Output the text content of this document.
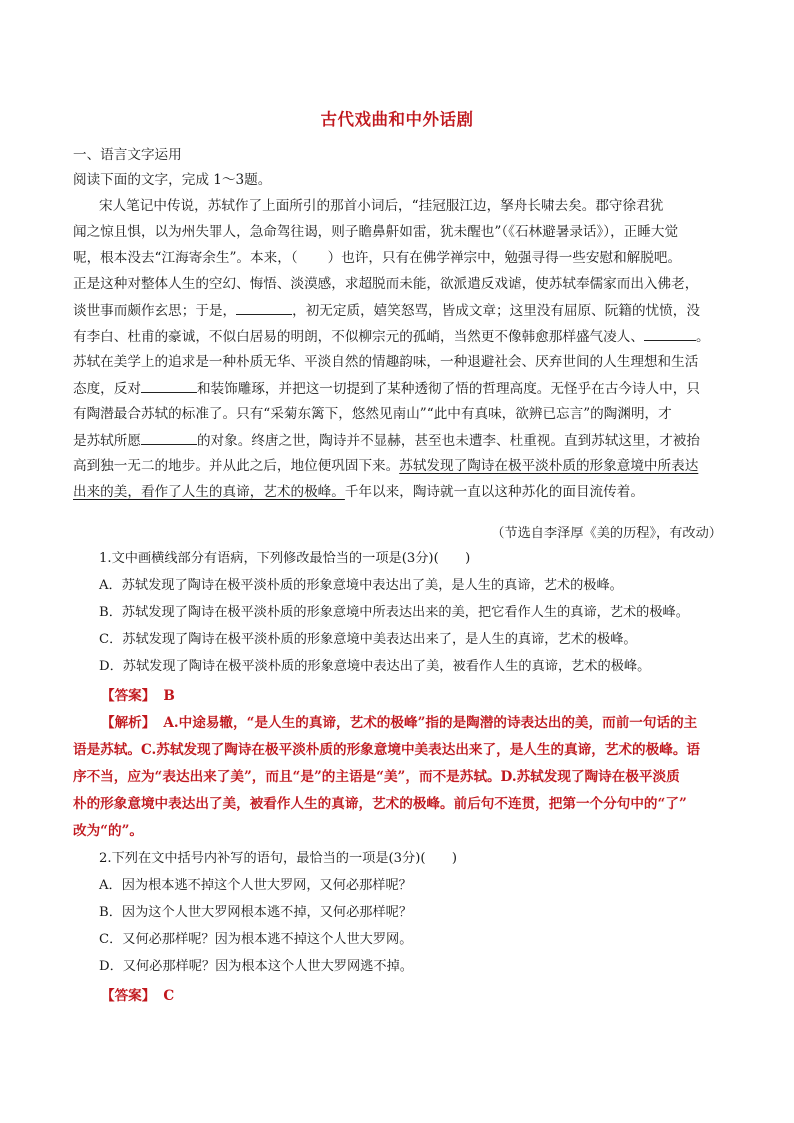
古代戏曲和中外话剧
一、语言文字运用
阅读下面的文字，完成 1～3题。
宋人笔记中传说，苏轼作了上面所引的那首小词后，“挂冠服江边，拏舟长啸去矣。郡守徐君犹
闻之惊且惧，以为州失罪人，急命驾往谒，则子瞻鼻鼾如雷，犹未醒也”（《石林避暑录话》），正睡大觉
呢，根本没去“江海寄余生”。本来，（ ）也许，只有在佛学禅宗中，勉强寻得一些安慰和解脱吧。
正是这种对整体人生的空幻、悔悟、淡漠感，求超脱而未能，欲派遣反戏谑，使苏轼奉儒家而出入佛老，
谈世事而颇作玄思；于是，	，初无定质，嬉笑怒骂，皆成文章；这里没有屈原、阮籍的忧愤，没
有李白、杜甫的豪诚，不似白居易的明朗，不似柳宗元的孤峭，当然更不像韩愈那样盛气凌人、	。
苏轼在美学上的追求是一种朴质无华、平淡自然的情趣韵味，一种退避社会、厌弃世间的人生理想和生活
态度，反对	和装饰雕琢，并把这一切提到了某种透彻了悟的哲理高度。无怪乎在古今诗人中，只
有陶潜最合苏轼的标准了。只有“采菊东篱下，悠然见南山”“此中有真味，欲辨已忘言”的陶渊明，才
是苏轼所愿	的对象。终唐之世，陶诗并不显赫，甚至也未遭李、杜重视。直到苏轼这里，才被抬
高到独一无二的地步。并从此之后，地位便巩固下来。苏轼发现了陶诗在极平淡朴质的形象意境中所表达
出来的美，看作了人生的真谛，艺术的极峰。千年以来，陶诗就一直以这种苏化的面目流传着。
（节选自李泽厚《美的历程》，有改动）
1.文中画横线部分有语病，下列修改最恰当的一项是(3分)(　　)
A．苏轼发现了陶诗在极平淡朴质的形象意境中表达出了美，是人生的真谛，艺术的极峰。
B．苏轼发现了陶诗在极平淡朴质的形象意境中所表达出来的美，把它看作人生的真谛，艺术的极峰。
C．苏轼发现了陶诗在极平淡朴质的形象意境中美表达出来了，是人生的真谛，艺术的极峰。
D．苏轼发现了陶诗在极平淡朴质的形象意境中表达出了美，被看作人生的真谛，艺术的极峰。
【答案】 B
【解析】 A.中途易辙，“是人生的真谛，艺术的极峰”指的是陶潜的诗表达出的美，而前一句话的主
语是苏轼。C.苏轼发现了陶诗在极平淡朴质的形象意境中美表达出来了，是人生的真谛，艺术的极峰。语
序不当，应为“表达出来了美”，而且“是”的主语是“美”，而不是苏轼。D.苏轼发现了陶诗在极平淡质
朴的形象意境中表达出了美，被看作人生的真谛，艺术的极峰。前后句不连贯，把第一个分句中的“了”
改为“的”。
2.下列在文中括号内补写的语句，最恰当的一项是(3分)(　　)
A．因为根本逃不掉这个人世大罗网，又何必那样呢？
B．因为这个人世大罗网根本逃不掉，又何必那样呢？
C．又何必那样呢？因为根本逃不掉这个人世大罗网。
D．又何必那样呢？因为根本这个人世大罗网逃不掉。
【答案】 C
